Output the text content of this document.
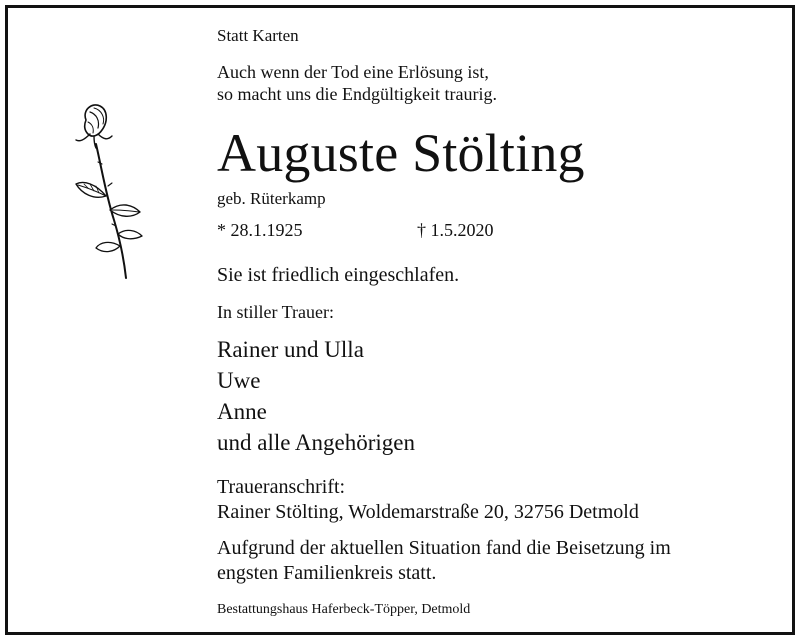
Statt Karten
Auch wenn der Tod eine Erlösung ist,
so macht uns die Endgültigkeit traurig.
Auguste Stölting
geb. Rüterkamp
* 28.1.1925	† 1.5.2020
Sie ist friedlich eingeschlafen.
In stiller Trauer:
Rainer und Ulla
Uwe
Anne
und alle Angehörigen
Traueranschrift:
Rainer Stölting, Woldemarstraße 20, 32756 Detmold
Aufgrund der aktuellen Situation fand die Beisetzung im
engsten Familienkreis statt.
Bestattungshaus Haferbeck-Töpper, Detmold
